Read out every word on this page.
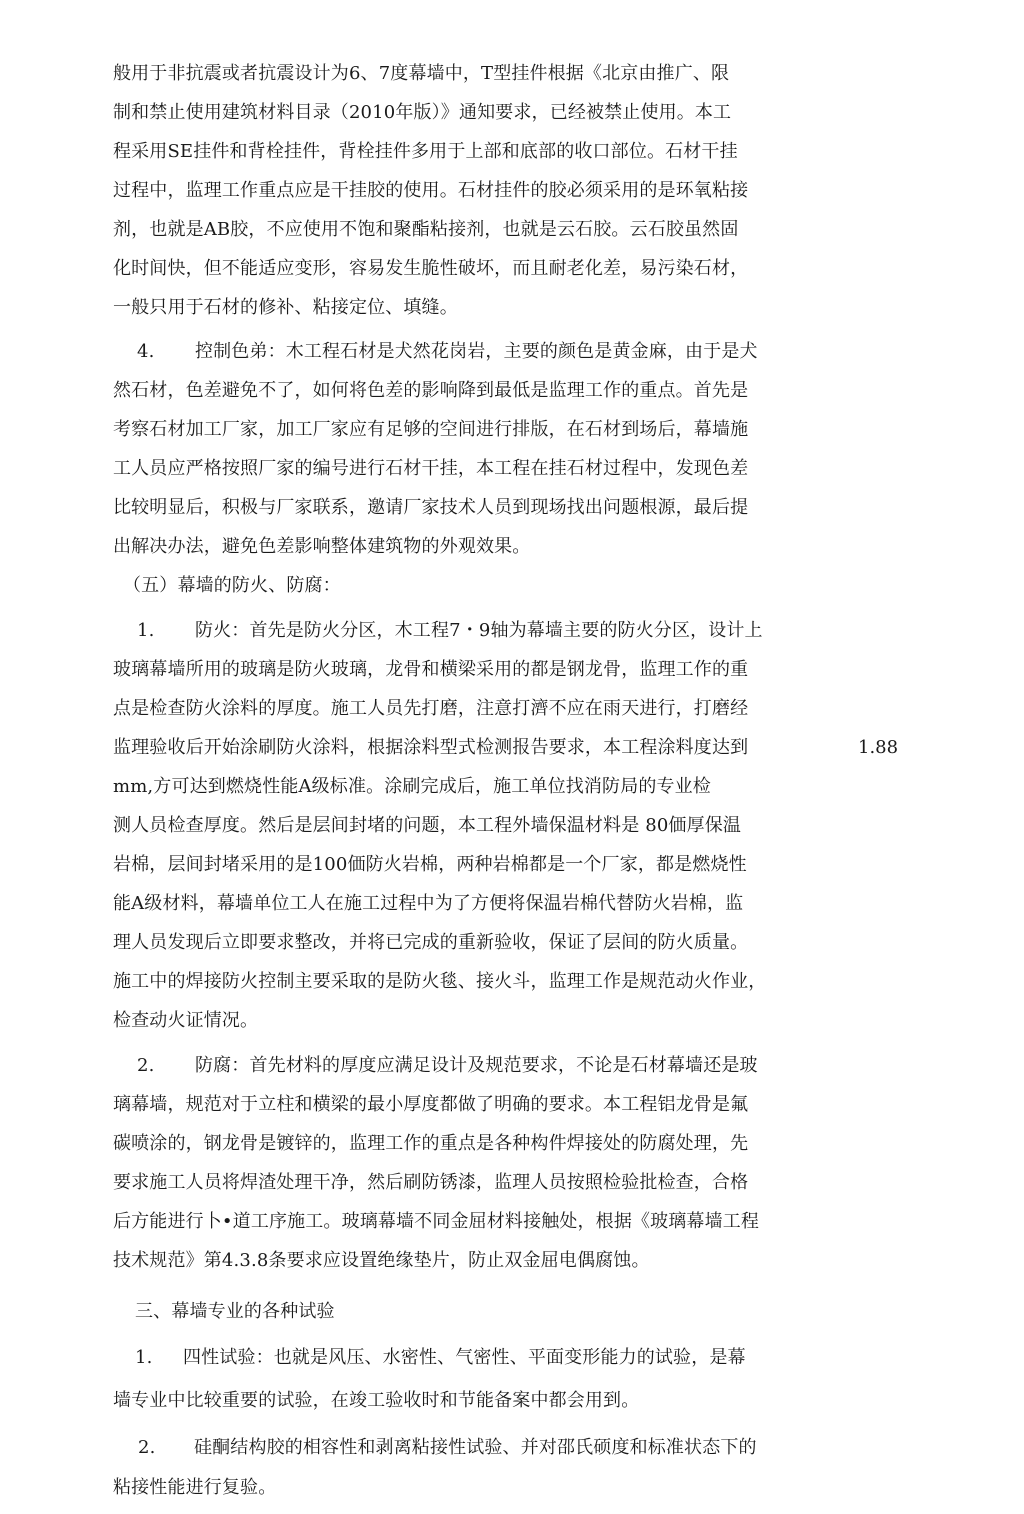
般用于非抗震或者抗震设计为6、7度幕墙中，T型挂件根据《北京由推广、限
制和禁止使用建筑材料目录（2010年版）》通知要求，已经被禁止使用。本工
程采用SE挂件和背栓挂件，背栓挂件多用于上部和底部的收口部位。石材干挂
过程中，监理工作重点应是干挂胶的使用。石材挂件的胶必须采用的是环氧粘接
剂，也就是AB胶，不应使用不饱和聚酯粘接剂，也就是云石胶。云石胶虽然固
化时间快，但不能适应变形，容易发生脆性破坏，而且耐老化差，易污染石材，
一般只用于石材的修补、粘接定位、填缝。
4. 控制色弟：木工程石材是犬然花岗岩，主要的颜色是黄金麻，由于是犬
然石材，色差避免不了，如何将色差的影响降到最低是监理工作的重点。首先是
考察石材加工厂家，加工厂家应有足够的空间进行排版，在石材到场后，幕墙施
工人员应严格按照厂家的编号进行石材干挂，本工程在挂石材过程中，发现色差
比较明显后，积极与厂家联系，邀请厂家技术人员到现场找出问题根源，最后提
出解决办法，避免色差影响整体建筑物的外观效果。
（五）幕墙的防火、防腐：
1. 防火：首先是防火分区，木工程7・9轴为幕墙主要的防火分区，设计上
玻璃幕墙所用的玻璃是防火玻璃，龙骨和横梁采用的都是钢龙骨，监理工作的重
点是检查防火涂料的厚度。施工人员先打磨，注意打濟不应在雨天进行，打磨经
监理验收后开始涂刷防火涂料，根据涂料型式检测报告要求，本工程涂料度达到	1.88
mm,方可达到燃烧性能A级标准。涂刷完成后，施工单位找消防局的专业检
测人员检查厚度。然后是层间封堵的问题，本工程外墙保温材料是 80価厚保温
岩棉，层间封堵采用的是100価防火岩棉，两种岩棉都是一个厂家，都是燃烧性
能A级材料，幕墙单位工人在施工过程中为了方便将保温岩棉代替防火岩棉，监
理人员发现后立即要求整改，并将已完成的重新验收，保证了层间的防火质量。
施工中的焊接防火控制主要采取的是防火毯、接火斗，监理工作是规范动火作业，
检查动火证情况。
2. 防腐：首先材料的厚度应满足设计及规范要求，不论是石材幕墙还是玻
璃幕墙，规范对于立柱和横梁的最小厚度都做了明确的要求。本工程铝龙骨是氟
碳喷涂的，钢龙骨是镀锌的，监理工作的重点是各种构件焊接处的防腐处理，先
要求施工人员将焊渣处理干净，然后刷防锈漆，监理人员按照检验批检查，合格
后方能进行卜•道工序施工。玻璃幕墙不同金屈材料接触处，根据《玻璃幕墙工程
技术规范》第4.3.8条要求应设置绝缘垫片，防止双金屈电偶腐蚀。
三、幕墙专业的各种试验
1. 四性试验：也就是风压、水密性、气密性、平面变形能力的试验，是幕
墙专业中比较重要的试验，在竣工验收时和节能备案中都会用到。
2. 硅酮结构胶的相容性和剥离粘接性试验、并对邵氏硕度和标准状态下的
粘接性能进行复验。
